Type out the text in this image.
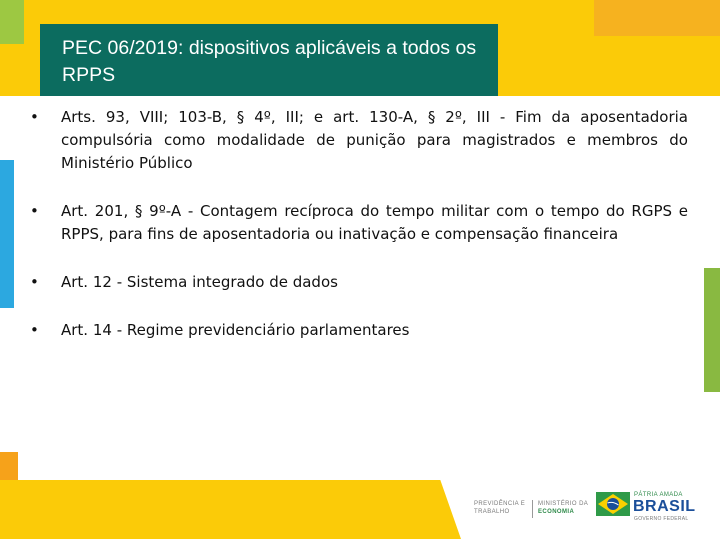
PEC 06/2019: dispositivos aplicáveis a todos os RPPS
• Arts. 93, VIII; 103-B, § 4º, III; e art. 130-A, § 2º, III - Fim da aposentadoria compulsória como modalidade de punição para magistrados e membros do Ministério Público
• Art. 201, § 9º-A - Contagem recíproca do tempo militar com o tempo do RGPS e RPPS, para fins de aposentadoria ou inativação e compensação financeira
• Art. 12 - Sistema integrado de dados
• Art. 14 - Regime previdenciário parlamentares
PREVIDÊNCIA E TRABALHO
MINISTÉRIO DA
ECONOMIA
PÁTRIA AMADA
BRASIL
GOVERNO FEDERAL
